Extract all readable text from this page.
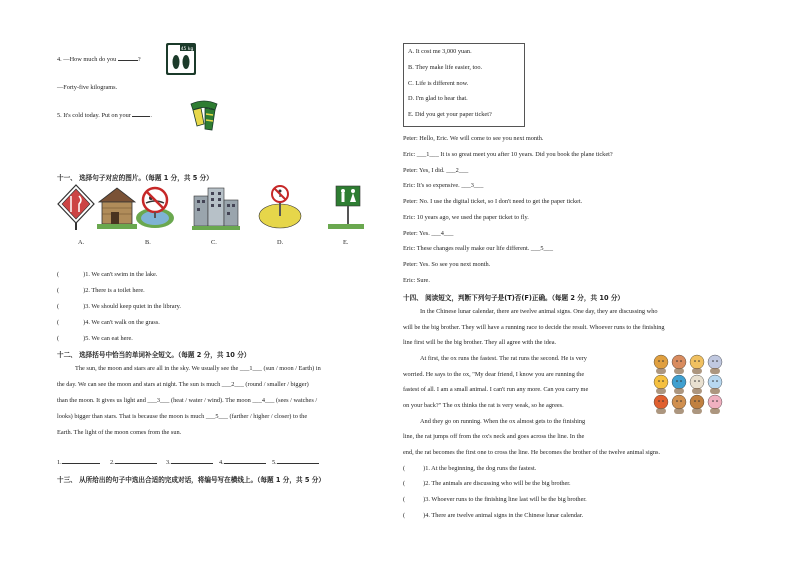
4. —How much do you	?
45 kg
—Forty-five kilograms.
5. It's cold today. Put on your	.
十一、 选择句子对应的图片。（每题 1 分，共 5 分）
A.	B.	C.	D.	E.
(	)1. We can't swim in the lake.
(	)2. There is a toilet here.
(	)3. We should keep quiet in the library.
(	)4. We can't walk on the grass.
(	)5. We can eat here.
十二、 选择括号中恰当的单词补全短文。（每题 2 分，共 10 分）
The sun, the moon and stars are all in the sky. We usually see the ___1___ (sun / moon / Earth) in
the day. We can see the moon and stars at night. The sun is much ___2___ (round / smaller / bigger)
than the moon. It gives us light and ___3___ (heat / water / wind). The moon ___4___ (sees / watches /
looks) bigger than stars. That is because the moon is much ___5___ (farther / higher / closer) to the
Earth. The light of the moon comes from the sun.
1.	2.	3.	4.	5.
十三、 从所给出的句子中选出合适的完成对话，将编号写在横线上。（每题 1 分，共 5 分）
A. It cost me 3,000 yuan.
B. They make life easier, too.
C. Life is different now.
D. I'm glad to hear that.
E. Did you get your paper ticket?
Peter: Hello, Eric. We will come to see you next month.
Eric: ___1___ It is so great meet you after 10 years. Did you book the plane ticket?
Peter: Yes, I did. ___2___
Eric: It's so expensive. ___3___
Peter: No. I use the digital ticket, so I don't need to get the paper ticket.
Eric: 10 years ago, we used the paper ticket to fly.
Peter: Yes. ___4___
Eric: These changes really make our life different. ___5___
Peter: Yes. So see you next month.
Eric: Sure.
十四、 阅读短文，判断下列句子是(T)否(F)正确。（每题 2 分，共 10 分）
In the Chinese lunar calendar, there are twelve animal signs. One day, they are discussing who
will be the big brother. They will have a running race to decide the result. Whoever runs to the finishing
line first will be the big brother. They all agree with the idea.
At first, the ox runs the fastest. The rat runs the second. He is very
worried. He says to the ox, "My dear friend, I know you are running the
fastest of all. I am a small animal. I can't run any more. Can you carry me
on your back?" The ox thinks the rat is very weak, so he agrees.
And they go on running. When the ox almost gets to the finishing
line, the rat jumps off from the ox's neck and goes across the line. In the
end, the rat becomes the first one to cross the line. He becomes the brother of the twelve animal signs.
(	)1. At the beginning, the dog runs the fastest.
(	)2. The animals are discussing who will be the big brother.
(	)3. Whoever runs to the finishing line last will be the big brother.
(	)4. There are twelve animal signs in the Chinese lunar calendar.
